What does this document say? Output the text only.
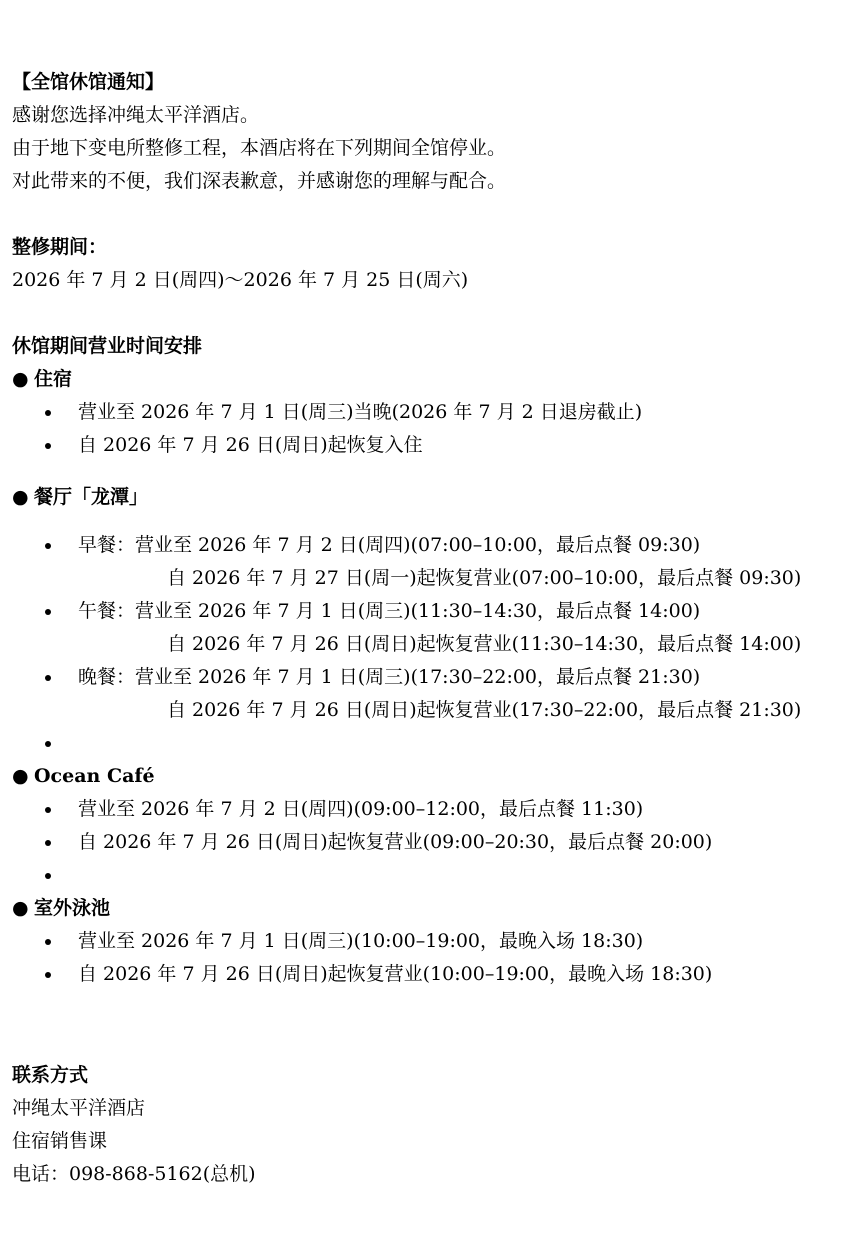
【全馆休馆通知】
感谢您选择冲绳太平洋酒店。
由于地下变电所整修工程，本酒店将在下列期间全馆停业。
对此带来的不便，我们深表歉意，并感谢您的理解与配合。
整修期间：
2026 年 7 月 2 日(周四)～2026 年 7 月 25 日(周六)
休馆期间营业时间安排
● 住宿
营业至 2026 年 7 月 1 日(周三)当晚(2026 年 7 月 2 日退房截止)
自 2026 年 7 月 26 日(周日)起恢复入住
● 餐厅「龙潭」
早餐：营业至 2026 年 7 月 2 日(周四)(07:00–10:00，最后点餐 09:30)
自 2026 年 7 月 27 日(周一)起恢复营业(07:00–10:00，最后点餐 09:30)
午餐：营业至 2026 年 7 月 1 日(周三)(11:30–14:30，最后点餐 14:00)
自 2026 年 7 月 26 日(周日)起恢复营业(11:30–14:30，最后点餐 14:00)
晚餐：营业至 2026 年 7 月 1 日(周三)(17:30–22:00，最后点餐 21:30)
自 2026 年 7 月 26 日(周日)起恢复营业(17:30–22:00，最后点餐 21:30)
● Ocean Café
营业至 2026 年 7 月 2 日(周四)(09:00–12:00，最后点餐 11:30)
自 2026 年 7 月 26 日(周日)起恢复营业(09:00–20:30，最后点餐 20:00)
● 室外泳池
营业至 2026 年 7 月 1 日(周三)(10:00–19:00，最晚入场 18:30)
自 2026 年 7 月 26 日(周日)起恢复营业(10:00–19:00，最晚入场 18:30)
联系方式
冲绳太平洋酒店
住宿销售课
电话：098-868-5162(总机)
